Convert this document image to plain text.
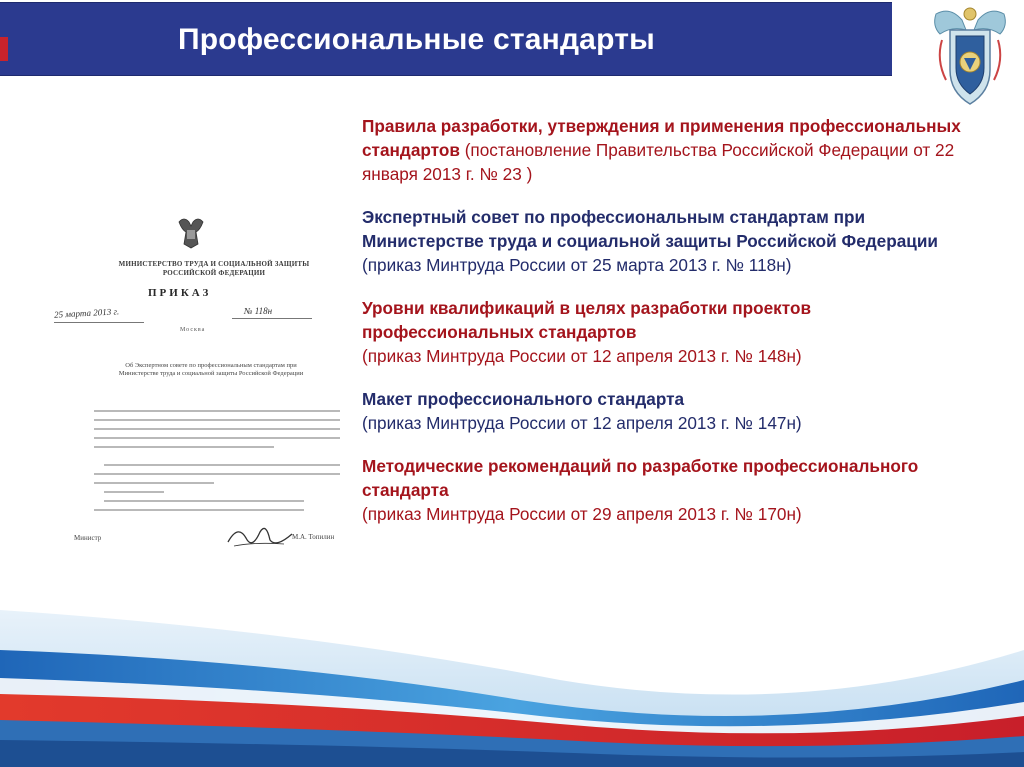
Профессиональные стандарты
МИНИСТЕРСТВО ТРУДА И СОЦИАЛЬНОЙ ЗАЩИТЫ РОССИЙСКОЙ ФЕДЕРАЦИИ
ПРИКАЗ
25 марта 2013 г.	№ 118н
Москва
Об Экспертном совете по профессиональным стандартам при Министерстве труда и социальной защиты Российской Федерации
Министр	М.А. Топилин
Правила разработки, утверждения и применения профессиональных стандартов (постановление Правительства Российской Федерации от 22 января 2013 г. № 23 )
Экспертный совет по профессиональным стандартам при Министерстве труда и социальной защиты Российской Федерации
(приказ Минтруда России от 25 марта 2013 г. № 118н)
Уровни квалификаций в целях разработки проектов профессиональных стандартов
(приказ Минтруда России от 12 апреля 2013 г. № 148н)
Макет профессионального стандарта
(приказ Минтруда России от 12 апреля 2013 г. № 147н)
Методические рекомендаций по разработке профессионального стандарта
(приказ Минтруда России от 29 апреля 2013 г. № 170н)
